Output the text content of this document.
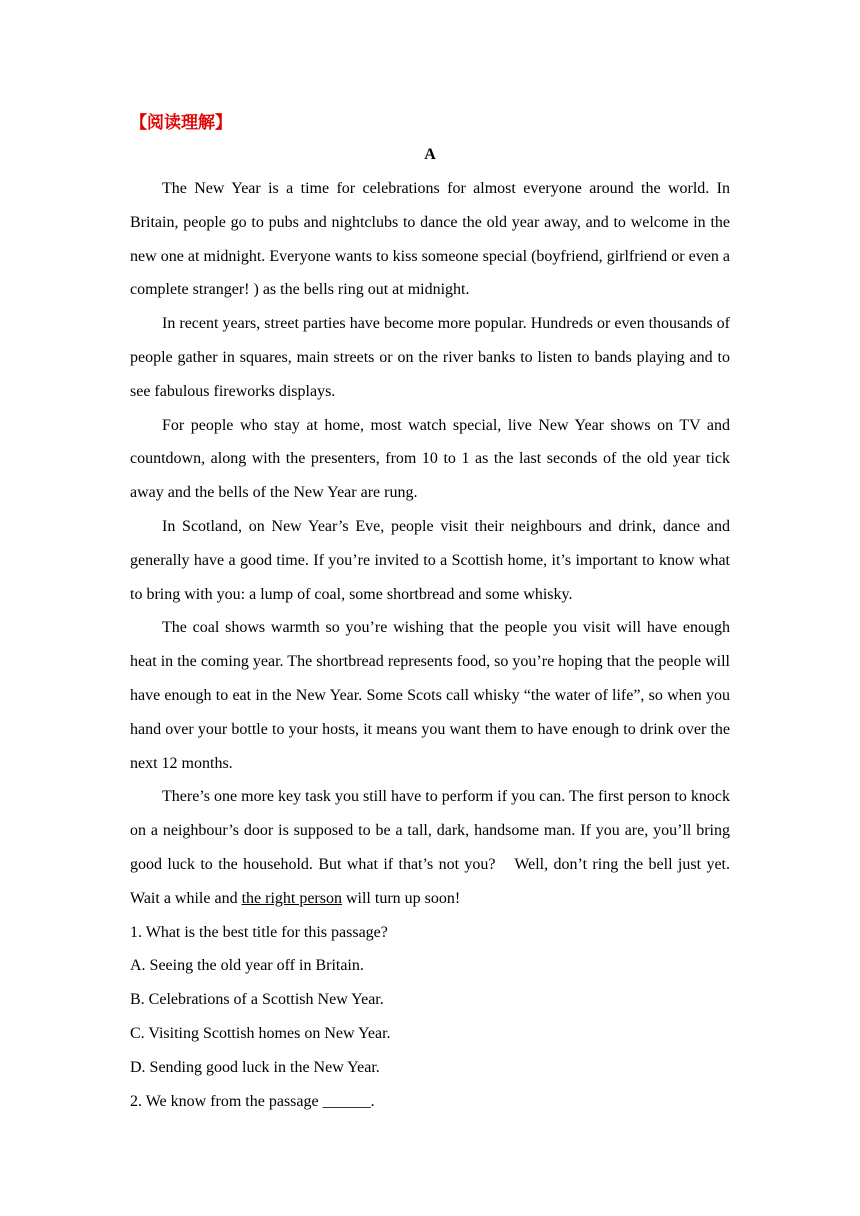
【阅读理解】

A

The New Year is a time for celebrations for almost everyone around the world. In Britain, people go to pubs and nightclubs to dance the old year away, and to welcome in the new one at midnight. Everyone wants to kiss someone special (boyfriend, girlfriend or even a complete stranger! ) as the bells ring out at midnight.

In recent years, street parties have become more popular. Hundreds or even thousands of people gather in squares, main streets or on the river banks to listen to bands playing and to see fabulous fireworks displays.

For people who stay at home, most watch special, live New Year shows on TV and countdown, along with the presenters, from 10 to 1 as the last seconds of the old year tick away and the bells of the New Year are rung.

In Scotland, on New Year’s Eve, people visit their neighbours and drink, dance and generally have a good time. If you’re invited to a Scottish home, it’s important to know what to bring with you: a lump of coal, some shortbread and some whisky.

The coal shows warmth so you’re wishing that the people you visit will have enough heat in the coming year. The shortbread represents food, so you’re hoping that the people will have enough to eat in the New Year. Some Scots call whisky “the water of life”, so when you hand over your bottle to your hosts, it means you want them to have enough to drink over the next 12 months.

There’s one more key task you still have to perform if you can. The first person to knock on a neighbour’s door is supposed to be a tall, dark, handsome man. If you are, you’ll bring good luck to the household. But what if that’s not you?　Well, don’t ring the bell just yet. Wait a while and the right person will turn up soon!

1. What is the best title for this passage?

A. Seeing the old year off in Britain.

B. Celebrations of a Scottish New Year.

C. Visiting Scottish homes on New Year.

D. Sending good luck in the New Year.

2. We know from the passage ______.
